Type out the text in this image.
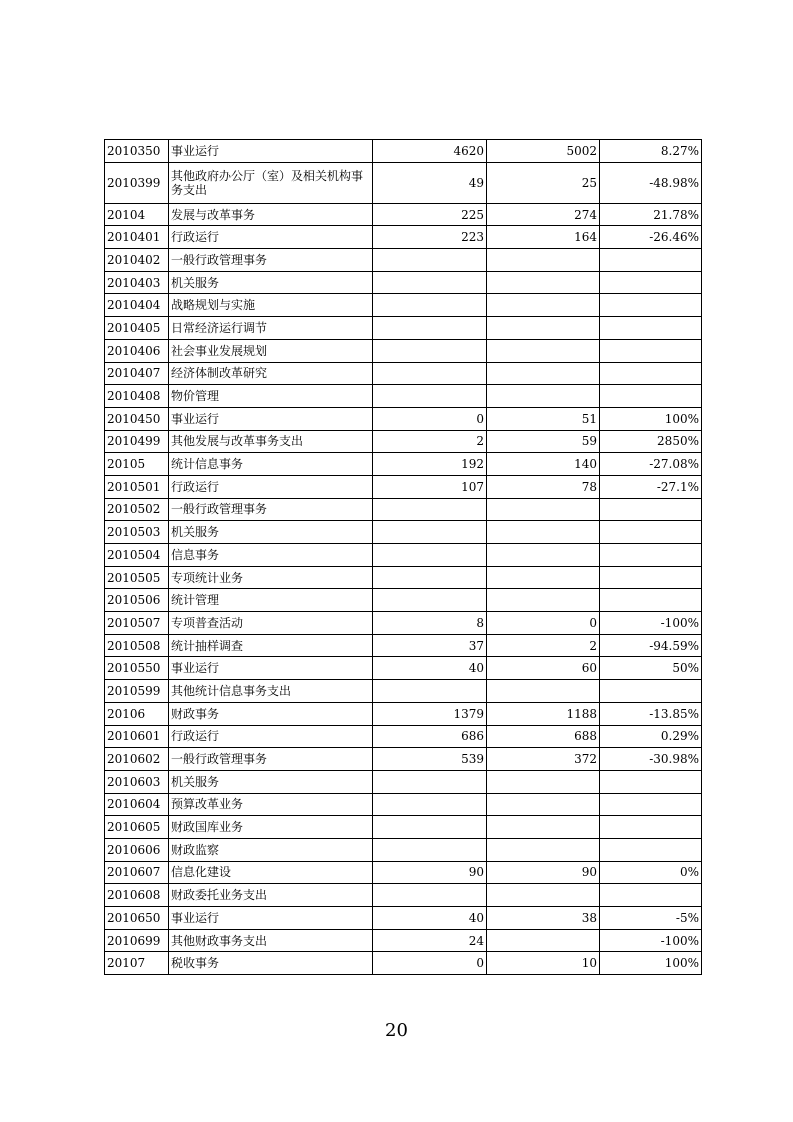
2010350	事业运行	4620	5002	8.27%
2010399	其他政府办公厅（室）及相关机构事务支出	49	25	-48.98%
20104	发展与改革事务	225	274	21.78%
2010401	行政运行	223	164	-26.46%
2010402	一般行政管理事务			
2010403	机关服务			
2010404	战略规划与实施			
2010405	日常经济运行调节			
2010406	社会事业发展规划			
2010407	经济体制改革研究			
2010408	物价管理			
2010450	事业运行	0	51	100%
2010499	其他发展与改革事务支出	2	59	2850%
20105	统计信息事务	192	140	-27.08%
2010501	行政运行	107	78	-27.1%
2010502	一般行政管理事务			
2010503	机关服务			
2010504	信息事务			
2010505	专项统计业务			
2010506	统计管理			
2010507	专项普查活动	8	0	-100%
2010508	统计抽样调查	37	2	-94.59%
2010550	事业运行	40	60	50%
2010599	其他统计信息事务支出			
20106	财政事务	1379	1188	-13.85%
2010601	行政运行	686	688	0.29%
2010602	一般行政管理事务	539	372	-30.98%
2010603	机关服务			
2010604	预算改革业务			
2010605	财政国库业务			
2010606	财政监察			
2010607	信息化建设	90	90	0%
2010608	财政委托业务支出			
2010650	事业运行	40	38	-5%
2010699	其他财政事务支出	24		-100%
20107	税收事务	0	10	100%
20
